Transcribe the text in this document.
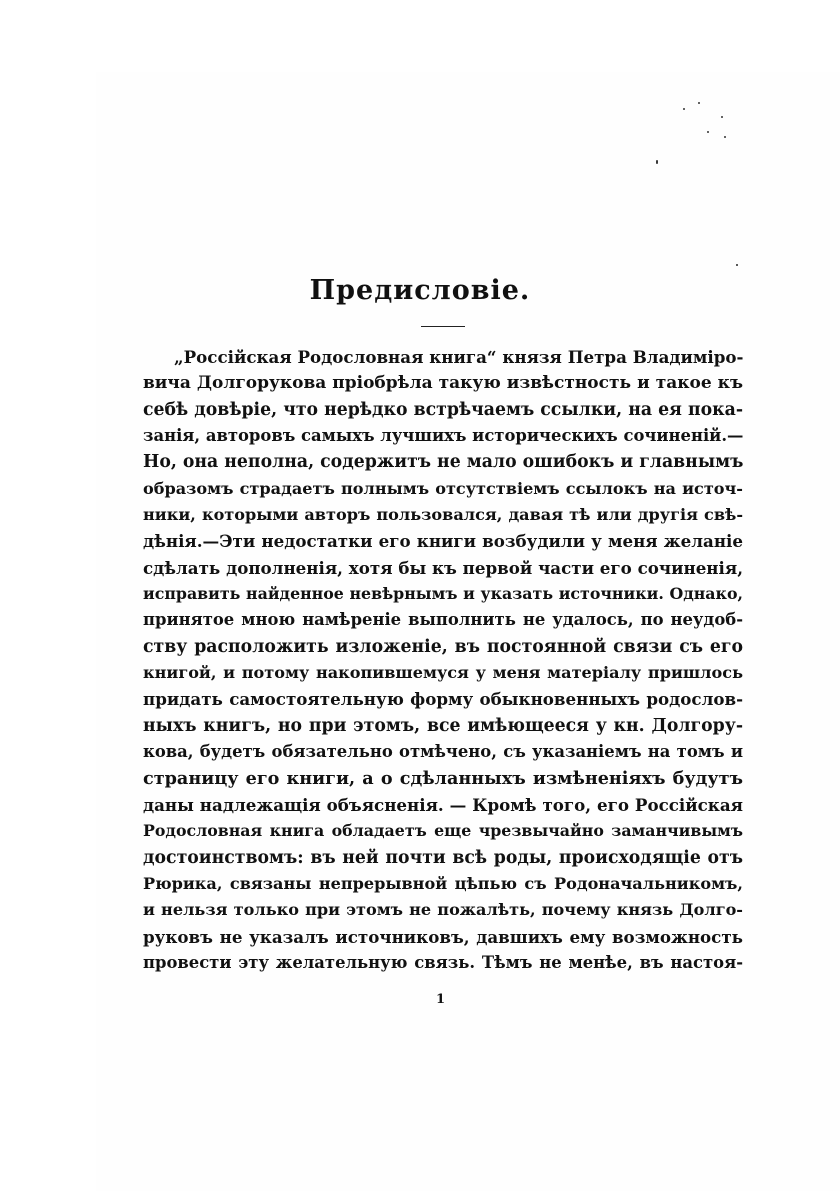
Предисловіе.
„Россійская Родословная книга“ князя Петра Владиміро-
вича Долгорукова пріобрѣла такую извѣстность и такое къ
себѣ довѣріе, что нерѣдко встрѣчаемъ ссылки, на ея пока-
занія, авторовъ самыхъ лучшихъ историческихъ сочиненій.—
Но, она неполна, содержитъ не мало ошибокъ и главнымъ
образомъ страдаетъ полнымъ отсутствіемъ ссылокъ на источ-
ники, которыми авторъ пользовался, давая тѣ или другія свѣ-
дѣнія.—Эти недостатки его книги возбудили у меня желаніе
сдѣлать дополненія, хотя бы къ первой части его сочиненія,
исправить найденное невѣрнымъ и указать источники. Однако,
принятое мною намѣреніе выполнить не удалось, по неудоб-
ству расположить изложеніе, въ постоянной связи съ его
книгой, и потому накопившемуся у меня матеріалу пришлось
придать самостоятельную форму обыкновенныхъ родослов-
ныхъ книгъ, но при этомъ, все имѣющееся у кн. Долгору-
кова, будетъ обязательно отмѣчено, съ указаніемъ на томъ и
страницу его книги, а о сдѣланныхъ измѣненіяхъ будутъ
даны надлежащія объясненія. — Кромѣ того, его Россійская
Родословная книга обладаетъ еще чрезвычайно заманчивымъ
достоинствомъ: въ ней почти всѣ роды, происходящіе отъ
Рюрика, связаны непрерывной цѣпью съ Родоначальникомъ,
и нельзя только при этомъ не пожалѣть, почему князь Долго-
руковъ не указалъ источниковъ, давшихъ ему возможность
провести эту желательную связь. Тѣмъ не менѣе, въ настоя-
1
